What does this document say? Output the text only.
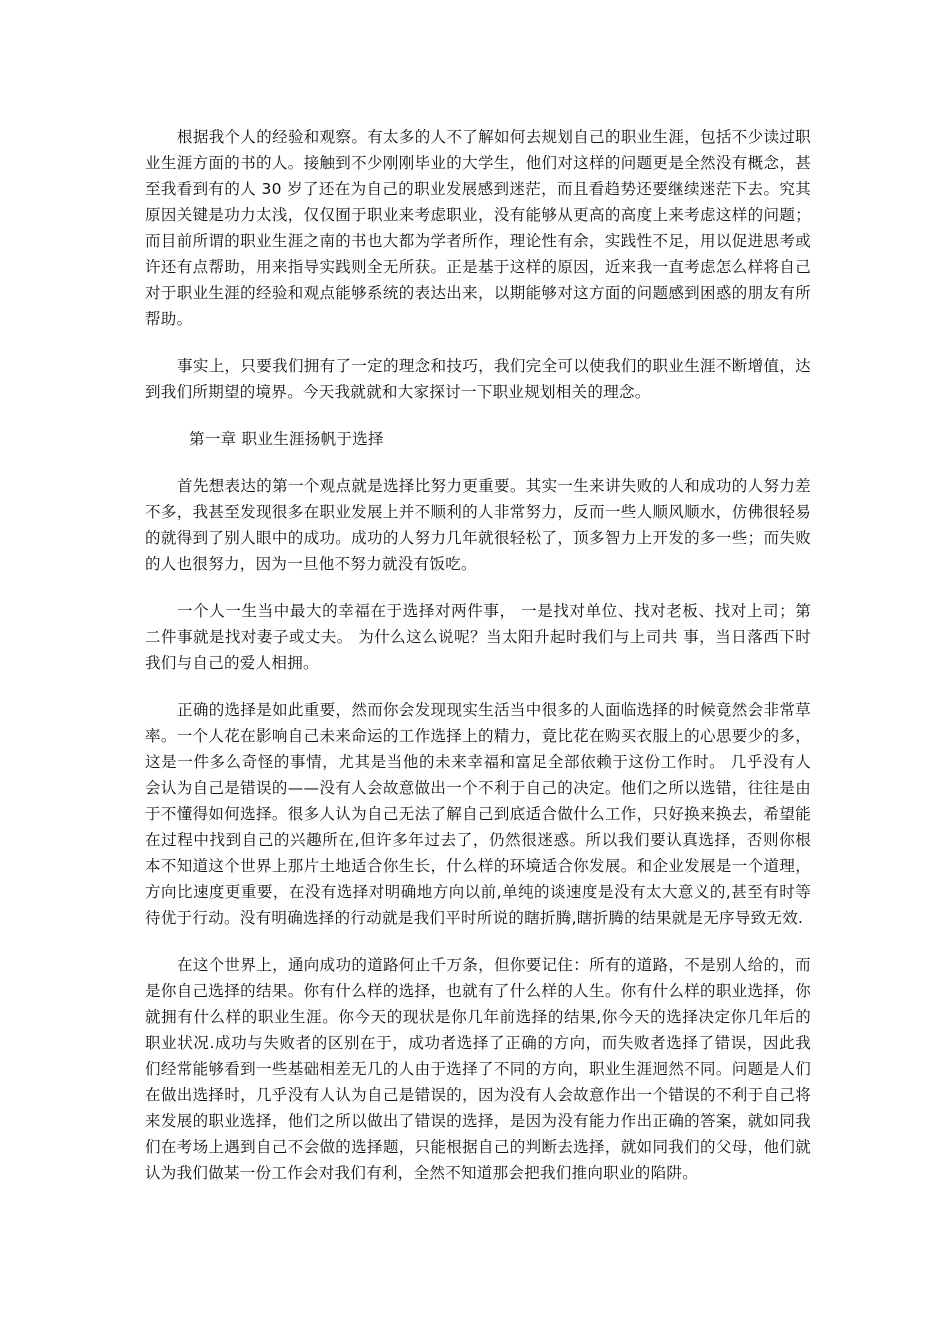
根据我个人的经验和观察。有太多的人不了解如何去规划自己的职业生涯，包括不少读过职业生涯方面的书的人。接触到不少刚刚毕业的大学生，他们对这样的问题更是全然没有概念，甚至我看到有的人 30 岁了还在为自己的职业发展感到迷茫，而且看趋势还要继续迷茫下去。究其原因关键是功力太浅，仅仅囿于职业来考虑职业，没有能够从更高的高度上来考虑这样的问题；而目前所谓的职业生涯之南的书也大都为学者所作，理论性有余，实践性不足，用以促进思考或许还有点帮助，用来指导实践则全无所获。正是基于这样的原因，近来我一直考虑怎么样将自己对于职业生涯的经验和观点能够系统的表达出来，以期能够对这方面的问题感到困惑的朋友有所帮助。

事实上，只要我们拥有了一定的理念和技巧，我们完全可以使我们的职业生涯不断增值，达到我们所期望的境界。今天我就就和大家探讨一下职业规划相关的理念。

第一章 职业生涯扬帆于选择

首先想表达的第一个观点就是选择比努力更重要。其实一生来讲失败的人和成功的人努力差不多，我甚至发现很多在职业发展上并不顺利的人非常努力，反而一些人顺风顺水，仿佛很轻易的就得到了别人眼中的成功。成功的人努力几年就很轻松了，顶多智力上开发的多一些；而失败的人也很努力，因为一旦他不努力就没有饭吃。

一个人一生当中最大的幸福在于选择对两件事， 一是找对单位、找对老板、找对上司；第二件事就是找对妻子或丈夫。 为什么这么说呢？当太阳升起时我们与上司共 事，当日落西下时我们与自己的爱人相拥。

正确的选择是如此重要，然而你会发现现实生活当中很多的人面临选择的时候竟然会非常草率。一个人花在影响自己未来命运的工作选择上的精力，竟比花在购买衣服上的心思要少的多，这是一件多么奇怪的事情，尤其是当他的未来幸福和富足全部依赖于这份工作时。 几乎没有人会认为自己是错误的——没有人会故意做出一个不利于自己的决定。他们之所以选错，往往是由于不懂得如何选择。很多人认为自己无法了解自己到底适合做什么工作，只好换来换去，希望能在过程中找到自己的兴趣所在,但许多年过去了，仍然很迷惑。所以我们要认真选择，否则你根本不知道这个世界上那片土地适合你生长，什么样的环境适合你发展。和企业发展是一个道理，方向比速度更重要，在没有选择对明确地方向以前,单纯的谈速度是没有太大意义的,甚至有时等待优于行动。没有明确选择的行动就是我们平时所说的瞎折腾,瞎折腾的结果就是无序导致无效.

在这个世界上，通向成功的道路何止千万条，但你要记住：所有的道路，不是别人给的，而是你自己选择的结果。你有什么样的选择，也就有了什么样的人生。你有什么样的职业选择，你就拥有什么样的职业生涯。你今天的现状是你几年前选择的结果,你今天的选择决定你几年后的职业状况.成功与失败者的区别在于，成功者选择了正确的方向，而失败者选择了错误，因此我们经常能够看到一些基础相差无几的人由于选择了不同的方向，职业生涯迥然不同。问题是人们在做出选择时，几乎没有人认为自己是错误的，因为没有人会故意作出一个错误的不利于自己将来发展的职业选择，他们之所以做出了错误的选择，是因为没有能力作出正确的答案，就如同我们在考场上遇到自己不会做的选择题，只能根据自己的判断去选择，就如同我们的父母，他们就认为我们做某一份工作会对我们有利，全然不知道那会把我们推向职业的陷阱。
